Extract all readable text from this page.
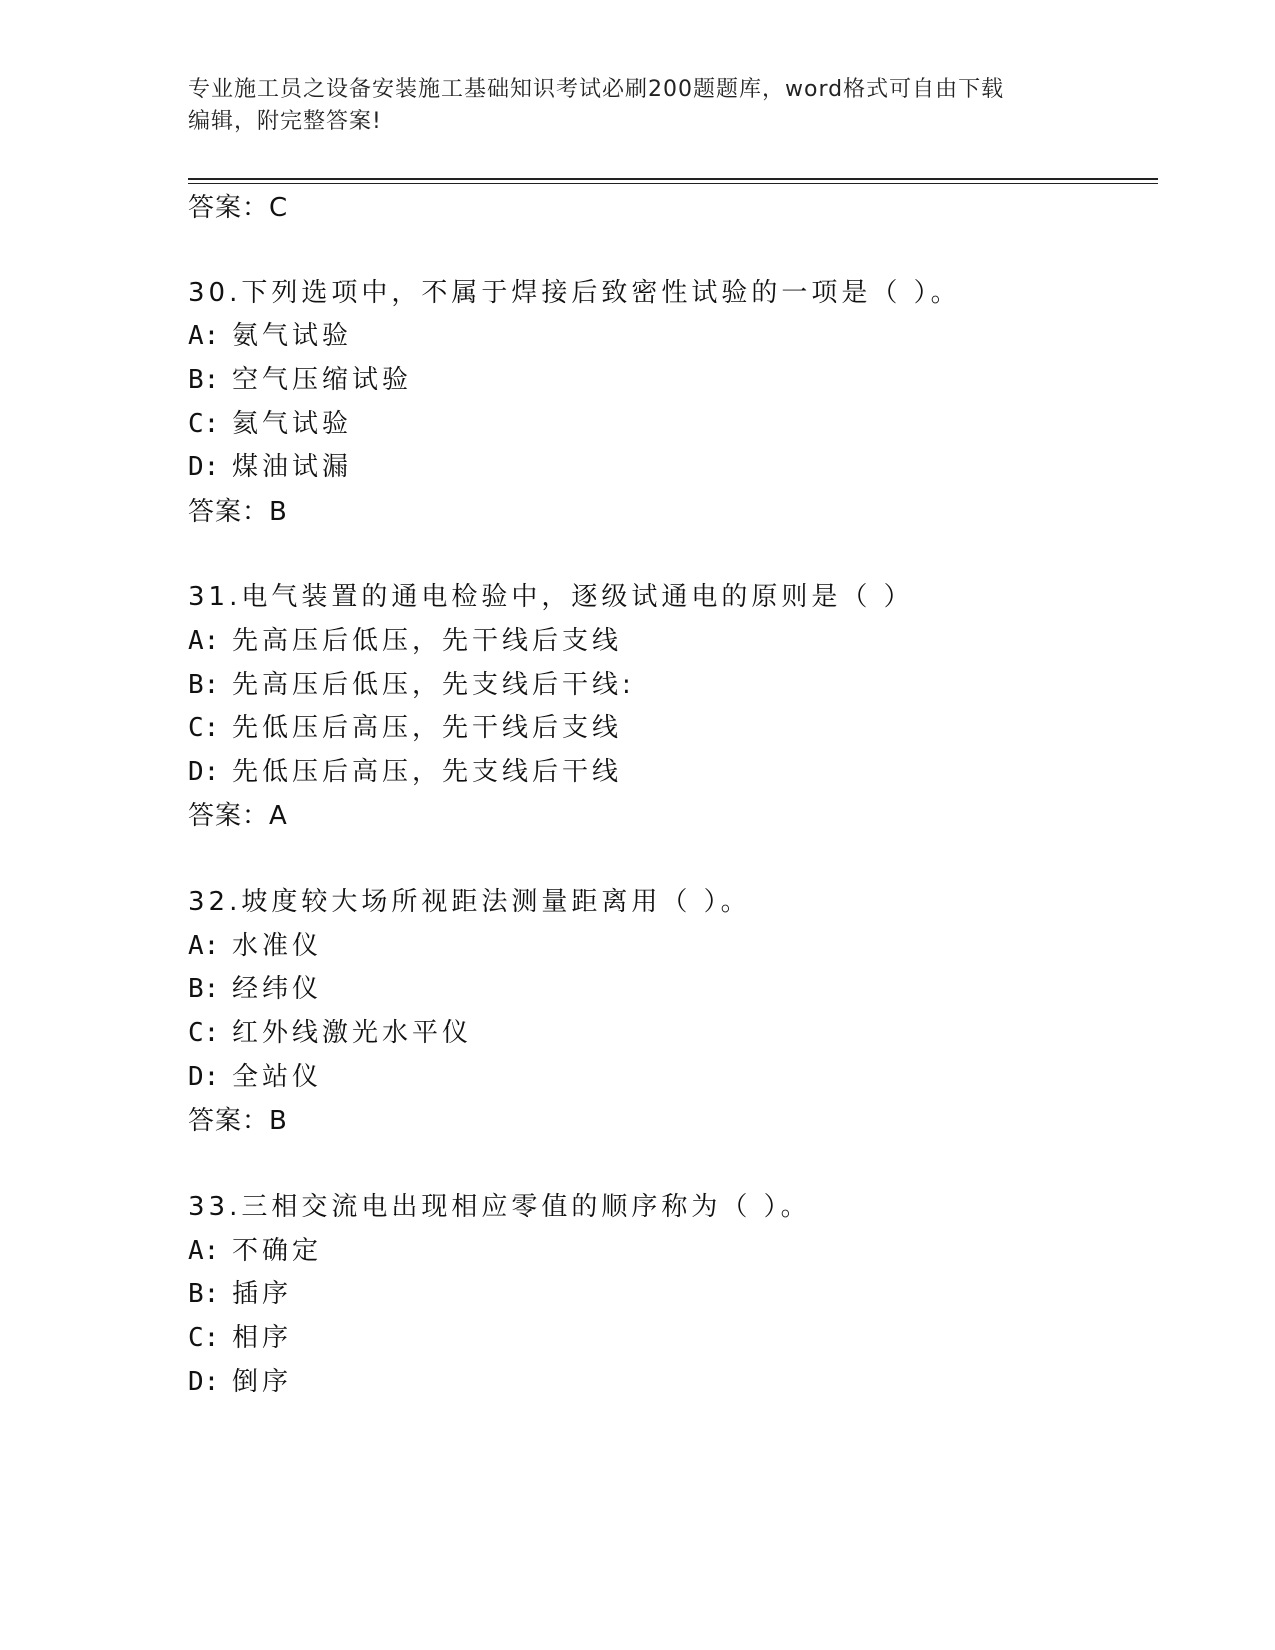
专业施工员之设备安装施工基础知识考试必刷200题题库，word格式可自由下载
编辑，附完整答案!
答案：C
30.下列选项中，不属于焊接后致密性试验的一项是（ ）。
A: 氨气试验
B: 空气压缩试验
C: 氦气试验
D: 煤油试漏
答案：B
31.电气装置的通电检验中，逐级试通电的原则是（ ）
A: 先高压后低压，先干线后支线
B: 先高压后低压，先支线后干线:
C: 先低压后高压，先干线后支线
D: 先低压后高压，先支线后干线
答案：A
32.坡度较大场所视距法测量距离用（ ）。
A: 水准仪
B: 经纬仪
C: 红外线激光水平仪
D: 全站仪
答案：B
33.三相交流电出现相应零值的顺序称为（ ）。
A: 不确定
B: 插序
C: 相序
D: 倒序
